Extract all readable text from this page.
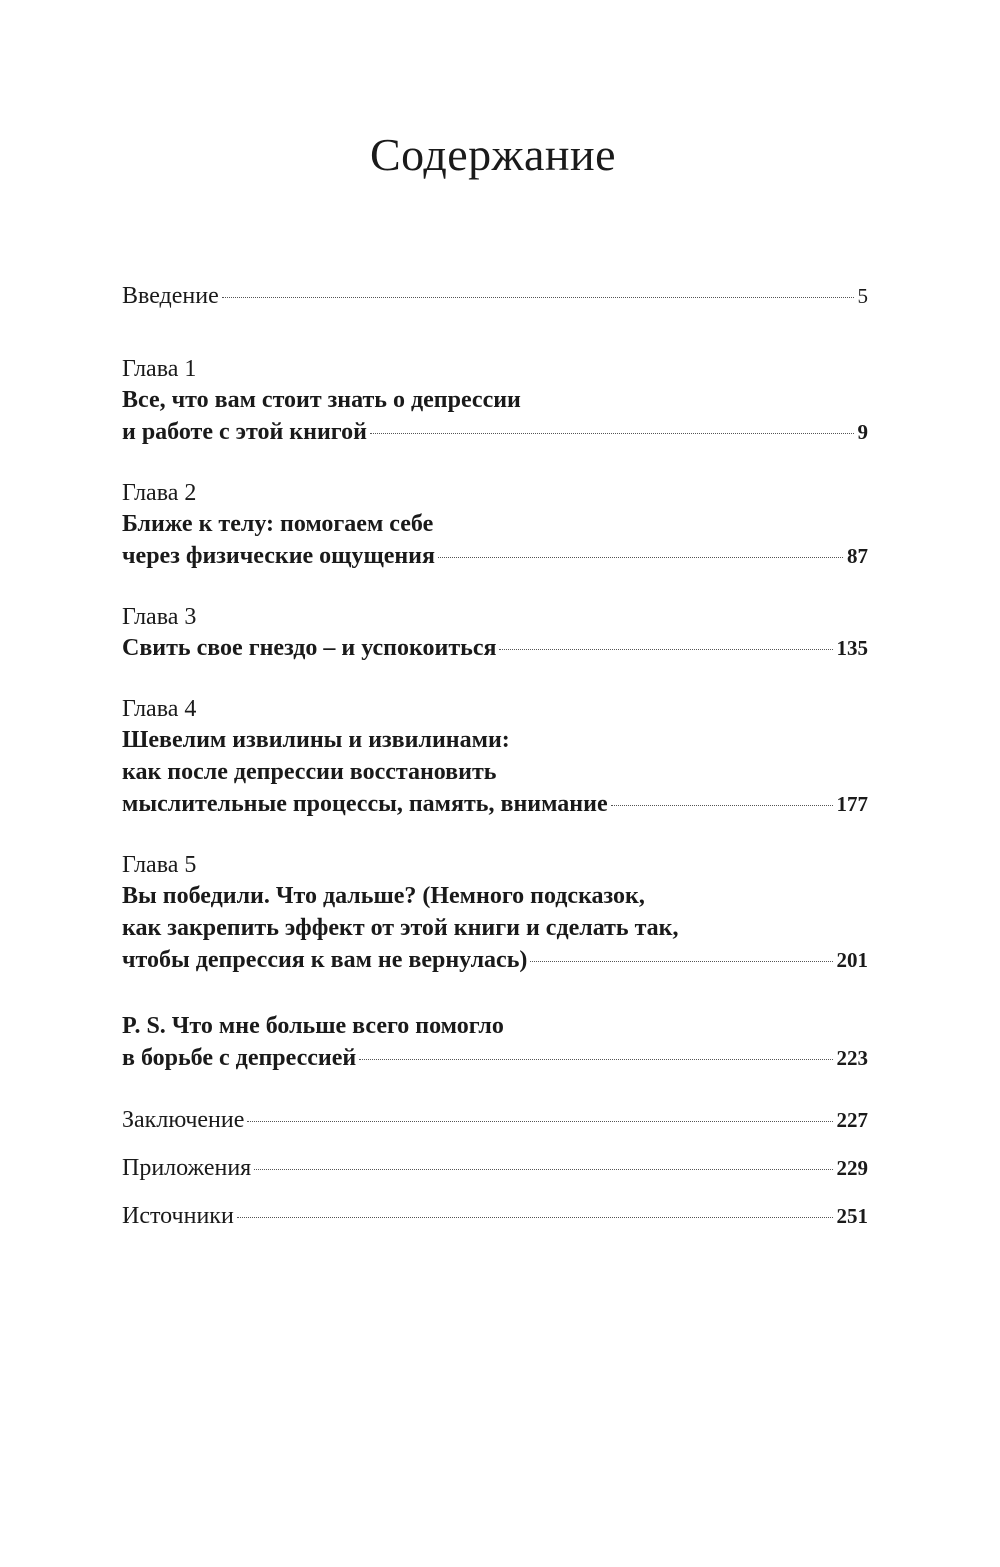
Содержание
Введение	5
Глава 1
Все, что вам стоит знать о депрессии
и работе с этой книгой	9
Глава 2
Ближе к телу: помогаем себе
через физические ощущения	87
Глава 3
Свить свое гнездо – и успокоиться	135
Глава 4
Шевелим извилины и извилинами:
как после депрессии восстановить
мыслительные процессы, память, внимание	177
Глава 5
Вы победили. Что дальше? (Немного подсказок,
как закрепить эффект от этой книги и сделать так,
чтобы депрессия к вам не вернулась)	201
P. S. Что мне больше всего помогло
в борьбе с депрессией	223
Заключение	227
Приложения	229
Источники	251
